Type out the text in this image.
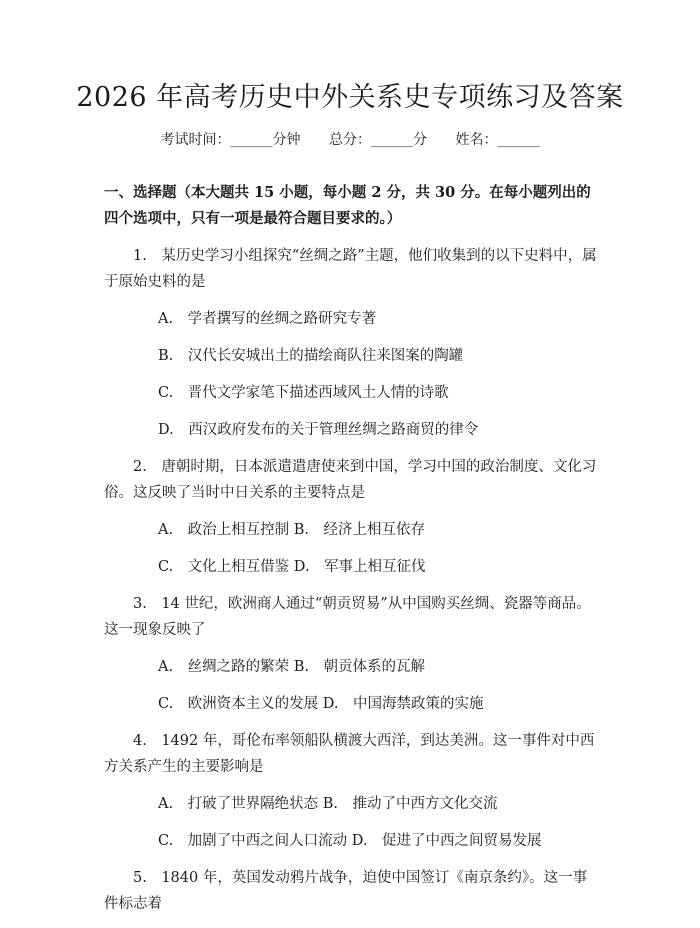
2026 年高考历史中外关系史专项练习及答案
考试时间：______分钟 总分：______分 姓名：______
一、选择题（本大题共 15 小题，每小题 2 分，共 30 分。在每小题列出的四个选项中，只有一项是最符合题目要求的。）
1.　某历史学习小组探究“丝绸之路”主题，他们收集到的以下史料中，属于原始史料的是
A.　学者撰写的丝绸之路研究专著
B.　汉代长安城出土的描绘商队往来图案的陶罐
C.　晋代文学家笔下描述西域风土人情的诗歌
D.　西汉政府发布的关于管理丝绸之路商贸的律令
2.　唐朝时期，日本派遣遣唐使来到中国，学习中国的政治制度、文化习俗。这反映了当时中日关系的主要特点是
A.　政治上相互控制 B.　经济上相互依存
C.　文化上相互借鉴 D.　军事上相互征伐
3.　14 世纪，欧洲商人通过“朝贡贸易”从中国购买丝绸、瓷器等商品。这一现象反映了
A.　丝绸之路的繁荣 B.　朝贡体系的瓦解
C.　欧洲资本主义的发展 D.　中国海禁政策的实施
4.　1492 年，哥伦布率领船队横渡大西洋，到达美洲。这一事件对中西方关系产生的主要影响是
A.　打破了世界隔绝状态 B.　推动了中西方文化交流
C.　加剧了中西之间人口流动 D.　促进了中西之间贸易发展
5.　1840 年，英国发动鸦片战争，迫使中国签订《南京条约》。这一事件标志着
